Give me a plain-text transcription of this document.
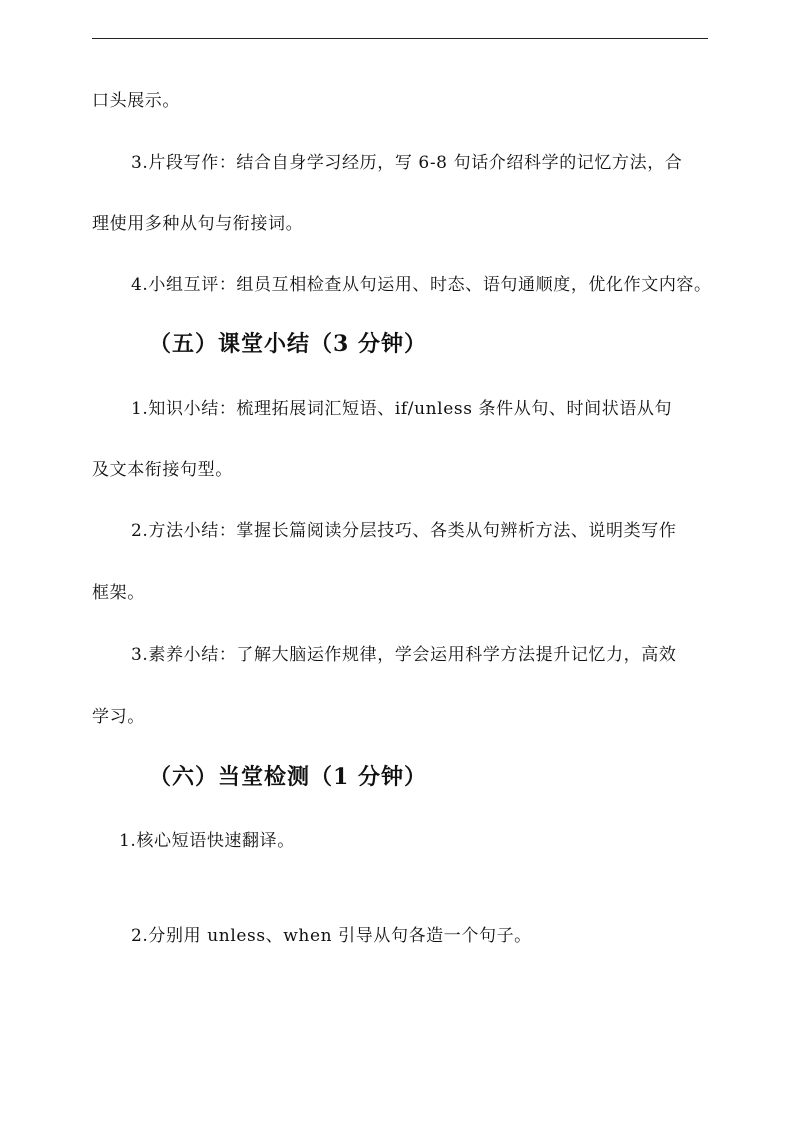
口头展示。
3.片段写作：结合自身学习经历，写 6-8 句话介绍科学的记忆方法，合
理使用多种从句与衔接词。
4.小组互评：组员互相检查从句运用、时态、语句通顺度，优化作文内容。
（五）课堂小结（3 分钟）
1.知识小结：梳理拓展词汇短语、if/unless 条件从句、时间状语从句
及文本衔接句型。
2.方法小结：掌握长篇阅读分层技巧、各类从句辨析方法、说明类写作
框架。
3.素养小结：了解大脑运作规律，学会运用科学方法提升记忆力，高效
学习。
（六）当堂检测（1 分钟）
1.核心短语快速翻译。
2.分别用 unless、when 引导从句各造一个句子。
